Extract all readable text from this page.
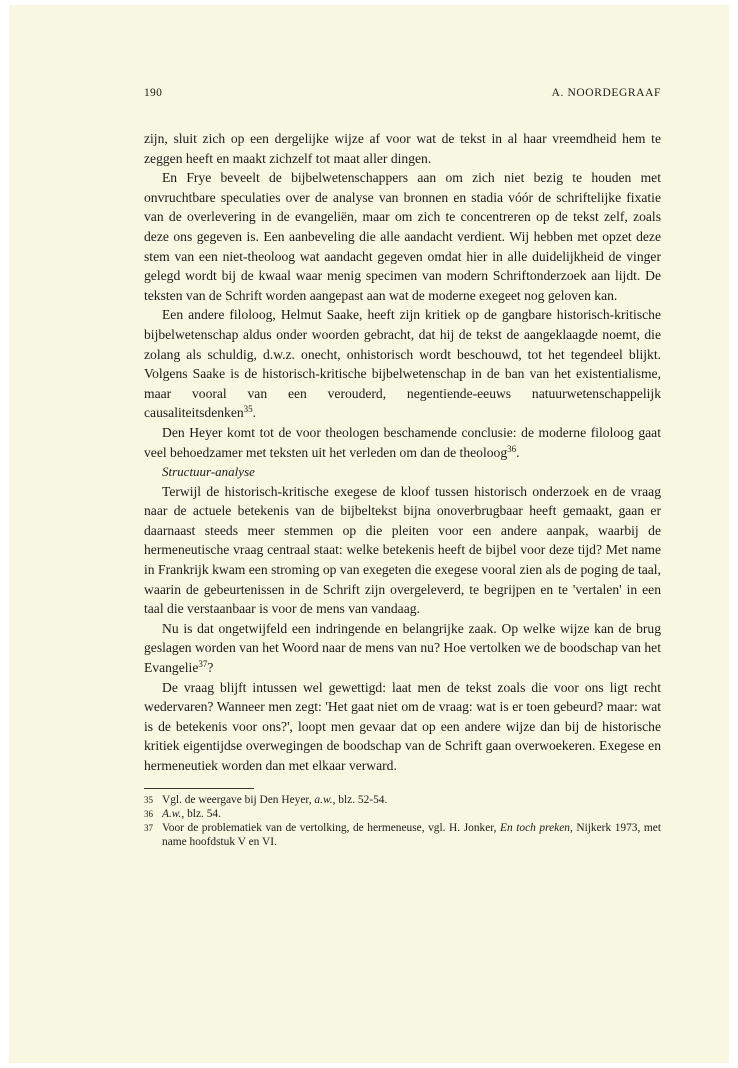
190	A. NOORDEGRAAF

zijn, sluit zich op een dergelijke wijze af voor wat de tekst in al haar vreemdheid hem te zeggen heeft en maakt zichzelf tot maat aller dingen.

En Frye beveelt de bijbelwetenschappers aan om zich niet bezig te houden met onvruchtbare speculaties over de analyse van bronnen en stadia vóór de schriftelijke fixatie van de overlevering in de evangeliën, maar om zich te concentreren op de tekst zelf, zoals deze ons gegeven is. Een aanbeveling die alle aandacht verdient. Wij hebben met opzet deze stem van een niet-theoloog wat aandacht gegeven omdat hier in alle duidelijkheid de vinger gelegd wordt bij de kwaal waar menig specimen van modern Schriftonderzoek aan lijdt. De teksten van de Schrift worden aangepast aan wat de moderne exegeet nog geloven kan.

Een andere filoloog, Helmut Saake, heeft zijn kritiek op de gangbare historisch-kritische bijbelwetenschap aldus onder woorden gebracht, dat hij de tekst de aangeklaagde noemt, die zolang als schuldig, d.w.z. onecht, onhistorisch wordt beschouwd, tot het tegendeel blijkt. Volgens Saake is de historisch-kritische bijbelwetenschap in de ban van het existentialisme, maar vooral van een verouderd, negentiende-eeuws natuurwetenschappelijk causaliteitsdenken$^{35}$.

Den Heyer komt tot de voor theologen beschamende conclusie: de moderne filoloog gaat veel behoedzamer met teksten uit het verleden om dan de theoloog$^{36}$.

Structuur-analyse

Terwijl de historisch-kritische exegese de kloof tussen historisch onderzoek en de vraag naar de actuele betekenis van de bijbeltekst bijna onoverbrugbaar heeft gemaakt, gaan er daarnaast steeds meer stemmen op die pleiten voor een andere aanpak, waarbij de hermeneutische vraag centraal staat: welke betekenis heeft de bijbel voor deze tijd? Met name in Frankrijk kwam een stroming op van exegeten die exegese vooral zien als de poging de taal, waarin de gebeurtenissen in de Schrift zijn overgeleverd, te begrijpen en te 'vertalen' in een taal die verstaanbaar is voor de mens van vandaag.

Nu is dat ongetwijfeld een indringende en belangrijke zaak. Op welke wijze kan de brug geslagen worden van het Woord naar de mens van nu? Hoe vertolken we de boodschap van het Evangelie$^{37}$?

De vraag blijft intussen wel gewettigd: laat men de tekst zoals die voor ons ligt recht wedervaren? Wanneer men zegt: 'Het gaat niet om de vraag: wat is er toen gebeurd? maar: wat is de betekenis voor ons?', loopt men gevaar dat op een andere wijze dan bij de historische kritiek eigentijdse overwegingen de boodschap van de Schrift gaan overwoekeren. Exegese en hermeneutiek worden dan met elkaar verward.

35 Vgl. de weergave bij Den Heyer, a.w., blz. 52-54.
36 A.w., blz. 54.
37 Voor de problematiek van de vertolking, de hermeneuse, vgl. H. Jonker, En toch preken, Nijkerk 1973, met name hoofdstuk V en VI.
